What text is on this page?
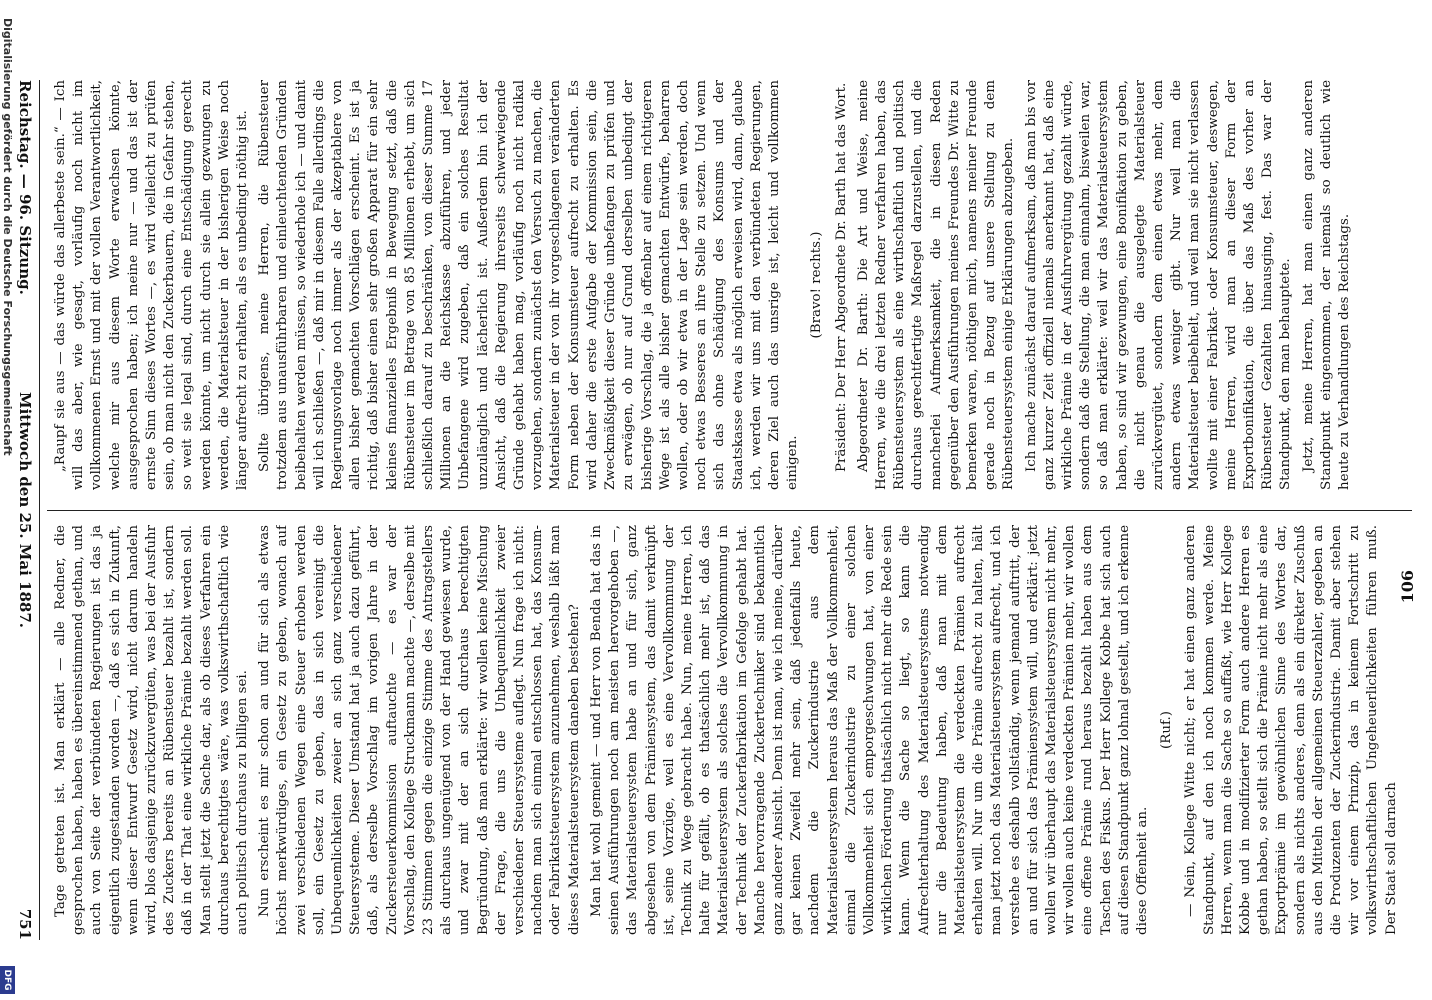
Reichstag. — 96. Sitzung.
Mittwoch den 25. Mai 1887.
751

„Raupf sie aus — das würde das allerbeste sein.“ — Ich will das aber, wie gesagt, vorläufig noch nicht im vollkommenen Ernst und mit der vollen Verantwortlichkeit, welche mir aus diesem Worte erwachsen könnte, ausgesprochen haben; ich meine nur — und das ist der ernste Sinn dieses Wortes —, es wird vielleicht zu prüfen sein, ob man nicht den Zuckerbauern, die in Gefahr stehen, so weit sie legal sind, durch eine Entschädigung gerecht werden könnte, um nicht durch sie allein gezwungen zu werden, die Materialsteuer in der bisherigen Weise noch länger aufrecht zu erhalten, als es unbedingt nöthig ist. Sollte übrigens, meine Herren, die Rübensteuer trotzdem aus unausführbaren und einleuchtenden Gründen beibehalten werden müssen, so wiederhole ich — und damit will ich schließen —, daß mir in diesem Falle allerdings die Regierungsvorlage noch immer als der akzeptablere von allen bisher gemachten Vorschlägen erscheint. Es ist ja richtig, daß bisher einen sehr großen Apparat für ein sehr kleines finanzielles Ergebniß in Bewegung setzt, daß die Rübensteuer im Betrage von 85 Millionen erhebt, um sich schließlich darauf zu beschränken, von dieser Summe 17 Millionen an die Reichskasse abzuführen, und jeder Unbefangene wird zugeben, daß ein solches Resultat unzulänglich und lächerlich ist. Außerdem bin ich der Ansicht, daß die Regierung ihrerseits schwerwiegende Gründe gehabt haben mag, vorläufig noch nicht radikal vorzugehen, sondern zunächst den Versuch zu machen, die Materialsteuer in der von ihr vorgeschlagenen veränderten Form neben der Konsumsteuer aufrecht zu erhalten. Es wird daher die erste Aufgabe der Kommission sein, die Zweckmäßigkeit dieser Gründe unbefangen zu prüfen und zu erwägen, ob nur auf Grund derselben unbedingt der bisherige Vorschlag, die ja offenbar auf einem richtigeren Wege ist als alle bisher gemachten Entwürfe, beharren wollen, oder ob wir etwa in der Lage sein werden, doch noch etwas Besseres an ihre Stelle zu setzen. Und wenn sich das ohne Schädigung des Konsums und der Staatskasse etwa als möglich erweisen wird, dann, glaube ich, werden wir uns mit den verbündeten Regierungen, deren Ziel auch das unsrige ist, leicht und vollkommen einigen.

(Bravo! rechts.) Präsident: Der Herr Abgeordnete Dr. Barth hat das Wort. Abgeordneter Dr. Barth: Die Art und Weise, meine Herren, wie die drei letzten Redner verfahren haben, das Rübensteuersystem als eine wirthschaftlich und politisch durchaus gerechtfertigte Maßregel darzustellen, und die mancherlei Aufmerksamkeit, die in diesen Reden gegenüber den Ausführungen meines Freundes Dr. Witte zu bemerken waren, nöthigen mich, namens meiner Freunde gerade noch in Bezug auf unsere Stellung zu dem Rübensteuersystem einige Erklärungen abzugeben. Ich mache zunächst darauf aufmerksam, daß man bis vor ganz kurzer Zeit offiziell niemals anerkannt hat, daß eine wirkliche Prämie in der Ausfuhrvergütung gezahlt würde, sondern daß die Stellung, die man einnahm, bisweilen war, so daß man erklärte: weil wir das Materialsteuersystem haben, so sind wir gezwungen, eine Bonifikation zu geben, die nicht genau die ausgelegte Materialsteuer zurückvergütet, sondern dem einen etwas mehr, dem andern etwas weniger gibt. Nur weil man die Materialsteuer beibehielt, und weil man sie nicht verlassen wollte mit einer Fabrikat- oder Konsumsteuer, deswegen, meine Herren, wird man an dieser Form der Exportbonifikation, die über das Maß des vorher an Rübensteuer Gezahlten hinausging, fest. Das war der Standpunkt, den man behauptete. Jetzt, meine Herren, hat man einen ganz anderen Standpunkt eingenommen, der niemals so deutlich wie heute zu Verhandlungen des Reichstags.

Tage getreten ist. Man erklärt — alle Redner, die gesprochen haben, haben es übereinstimmend gethan, und auch von Seite der verbündeten Regierungen ist das ja eigentlich zugestanden worden —, daß es sich in Zukunft, wenn dieser Entwurf Gesetz wird, nicht darum handeln wird, blos dasjenige zurückzuvergüten, was bei der Ausfuhr des Zuckers bereits an Rübensteuer bezahlt ist, sondern daß in der That eine wirkliche Prämie bezahlt werden soll. Man stellt jetzt die Sache dar, als ob dieses Verfahren ein durchaus berechtigtes wäre, was volkswirthschaftlich wie auch politisch durchaus zu billigen sei. Nun erscheint es mir schon an und für sich als etwas höchst merkwürdiges, ein Gesetz zu geben, wonach auf zwei verschiedenen Wegen eine Steuer erhoben werden soll, ein Gesetz zu geben, das in sich vereinigt die Unbequemlichkeiten zweier an sich ganz verschiedener Steuersysteme. Dieser Umstand hat ja auch dazu geführt, daß, als derselbe Vorschlag im vorigen Jahre in der Zuckersteuerkommission auftauchte — es war der Vorschlag, den Kollege Struckmann machte —, derselbe mit 23 Stimmen gegen die einzige Stimme des Antragstellers als durchaus ungenügend von der Hand gewiesen wurde, und zwar mit der an sich durchaus berechtigten Begründung, daß man erklärte: wir wollen keine Mischung der Frage, die uns die Unbequemlichkeit zweier verschiedener Steuersysteme auflegt. Nun frage ich nicht: nachdem man sich einmal entschlossen hat, das Konsum- oder Fabrikatsteuersystem anzunehmen, weshalb läßt man dieses Materialsteuersystem daneben bestehen? Man hat wohl gemeint — und Herr von Benda hat das in seinen Ausführungen noch am meisten hervorgehoben —, das Materialsteuersystem habe an und für sich, ganz abgesehen von dem Prämiensystem, das damit verknüpft ist, seine Vorzüge, weil es eine Vervollkommnung der Technik zu Wege gebracht habe. Nun, meine Herren, ich halte für gefällt, ob es thatsächlich mehr ist, daß das Materialsteuersystem als solches die Vervollkommnung in der Technik der Zuckerfabrikation im Gefolge gehabt hat. Manche hervorragende Zuckertechniker sind bekanntlich ganz anderer Ansicht. Denn ist man, wie ich meine, darüber gar keinen Zweifel mehr sein, daß jedenfalls heute, nachdem die Zuckerindustrie aus dem Materialsteuersystem heraus das Maß der Vollkommenheit, einmal die Zuckerindustrie zu einer solchen Vollkommenheit sich emporgeschwungen hat, von einer wirklichen Förderung thatsächlich nicht mehr die Rede sein kann. Wenn die Sache so liegt, so kann die Aufrechterhaltung des Materialsteuersystems notwendig nur die Bedeutung haben, daß man mit dem Materialsteuersystem die verdeckten Prämien aufrecht erhalten will. Nur um die Prämie aufrecht zu halten, hält man jetzt noch das Materialsteuersystem aufrecht, und ich verstehe es deshalb vollständig, wenn jemand auftritt, der an und für sich das Prämiensystem will, und erklärt: jetzt wollen wir überhaupt das Materialsteuersystem nicht mehr, wir wollen auch keine verdeckten Prämien mehr, wir wollen eine offene Prämie rund heraus bezahlt haben aus dem Taschen des Fiskus. Der Herr Kollege Kobbe hat sich auch auf diesen Standpunkt ganz lohnal gestellt, und ich erkenne diese Offenheit an.

(Ruf.) — Nein, Kollege Witte nicht; er hat einen ganz anderen Standpunkt, auf den ich noch kommen werde. Meine Herren, wenn man die Sache so auffaßt, wie Herr Kollege Kobbe und in modifizierter Form auch andere Herren es gethan haben, so stellt sich die Prämie nicht mehr als eine Exportprämie im gewöhnlichen Sinne des Wortes dar, sondern als nichts anderes, denn als ein direkter Zuschuß aus den Mitteln der allgemeinen Steuerzahler, gegeben an die Produzenten der Zuckerindustrie. Damit aber stehen wir vor einem Prinzip, das in keinem Fortschritt zu volkswirthschaftlichen Ungeheuerlichkeiten führen muß. Der Staat soll darnach

106
Digitalisierung gefördert durch die Deutsche Forschungsgemeinschaft
DFG
